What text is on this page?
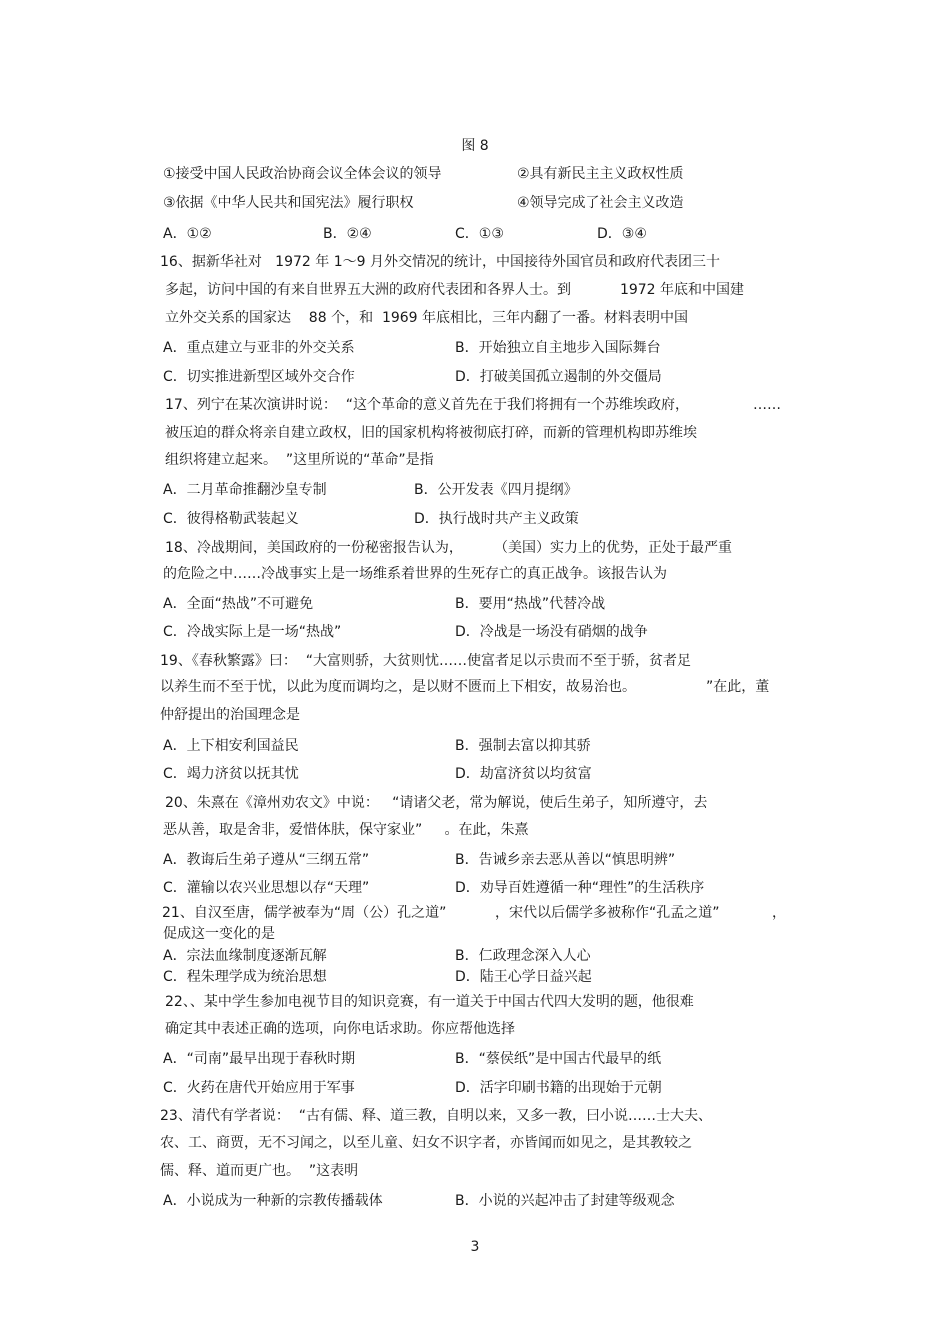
图 8
①接受中国人民政治协商会议全体会议的领导	②具有新民主主义政权性质
③依据《中华人民共和国宪法》履行职权	④领导完成了社会主义改造
A．①②	B．②④	C．①③	D．③④
16、据新华社对   1972 年 1～9 月外交情况的统计，中国接待外国官员和政府代表团三十
多起，访问中国的有来自世界五大洲的政府代表团和各界人士。到           1972 年底和中国建
立外交关系的国家达    88 个，和  1969 年底相比，三年内翻了一番。材料表明中国
A．重点建立与亚非的外交关系	B．开始独立自主地步入国际舞台
C．切实推进新型区域外交合作	D．打破美国孤立遏制的外交僵局
17、列宁在某次演讲时说：  “这个革命的意义首先在于我们将拥有一个苏维埃政府，	……
被压迫的群众将亲自建立政权，旧的国家机构将被彻底打碎，而新的管理机构即苏维埃
组织将建立起来。  ”这里所说的“革命”是指
A．二月革命推翻沙皇专制	B．公开发表《四月提纲》
C．彼得格勒武装起义	D．执行战时共产主义政策
18、冷战期间，美国政府的一份秘密报告认为，       （美国）实力上的优势，正处于最严重
的危险之中……冷战事实上是一场维系着世界的生死存亡的真正战争。该报告认为
A．全面“热战”不可避免	B．要用“热战”代替冷战
C．冷战实际上是一场“热战”	D．冷战是一场没有硝烟的战争
19、《春秋繁露》曰：  “大富则骄，大贫则忧……使富者足以示贵而不至于骄，贫者足
以养生而不至于忧，以此为度而调均之，是以财不匮而上下相安，故易治也。	”在此，董
仲舒提出的治国理念是
A．上下相安利国益民	B．强制去富以抑其骄
C．竭力济贫以抚其忧	D．劫富济贫以均贫富
20、朱熹在《漳州劝农文》中说：   “请诸父老，常为解说，使后生弟子，知所遵守，去
恶从善，取是舍非，爱惜体肤，保守家业”     。在此，朱熹
A．教诲后生弟子遵从“三纲五常”	B．告诫乡亲去恶从善以“慎思明辨”
C．灌输以农兴业思想以存“天理”	D．劝导百姓遵循一种“理性”的生活秩序
21、自汉至唐，儒学被奉为“周（公）孔之道”	，宋代以后儒学多被称作“孔孟之道”	，
促成这一变化的是
A．宗法血缘制度逐渐瓦解	B．仁政理念深入人心
C．程朱理学成为统治思想	D．陆王心学日益兴起
22、、某中学生参加电视节目的知识竞赛，有一道关于中国古代四大发明的题，他很难
确定其中表述正确的选项，向你电话求助。你应帮他选择
A．“司南”最早出现于春秋时期	B．“蔡侯纸”是中国古代最早的纸
C．火药在唐代开始应用于军事	D．活字印刷书籍的出现始于元朝
23、清代有学者说：  “古有儒、释、道三教，自明以来，又多一教，曰小说……士大夫、
农、工、商贾，无不习闻之，以至儿童、妇女不识字者，亦皆闻而如见之，是其教较之
儒、释、道而更广也。  ”这表明
A．小说成为一种新的宗教传播载体	B．小说的兴起冲击了封建等级观念
3
